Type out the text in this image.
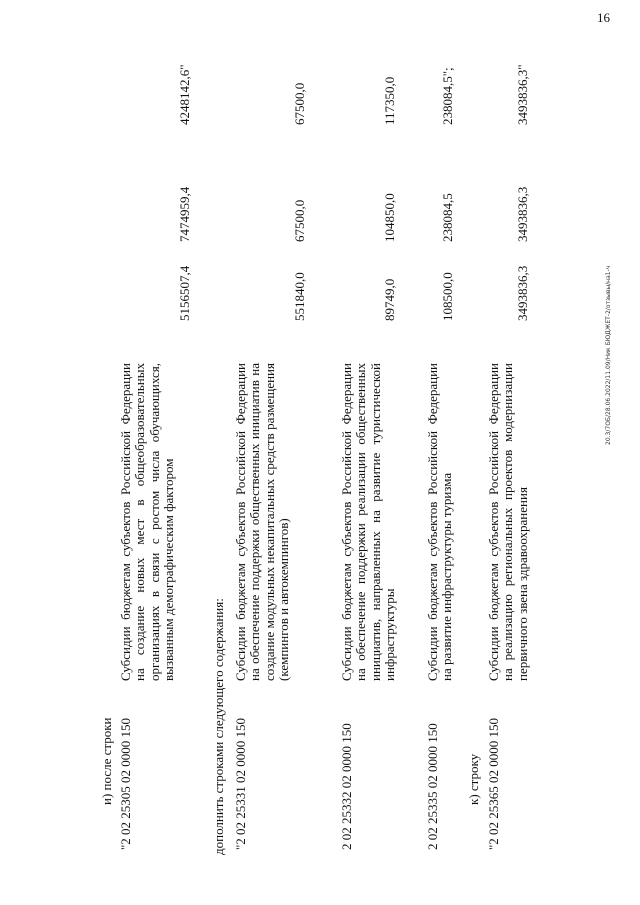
16
и) после строки "2 02 25305 02 0000 150
Субсидии бюджетам субъектов Российской Федерации на создание новых мест в общеобразовательных организациях в связи с ростом числа обучающихся, вызванным демографическим фактором
5156507,4
7474959,4
4248142,6"
дополнить строками следующего содержания: "2 02 25331 02 0000 150
Субсидии бюджетам субъектов Российской Федерации на обеспечение поддержки общественных инициатив на создание модульных некапитальных средств размещения (кемпингов и автокемпингов)
551840,0
67500,0
67500,0
2 02 25332 02 0000 150
Субсидии бюджетам субъектов Российской Федерации на обеспечение поддержки реализации общественных инициатив, направленных на развитие туристической инфраструктуры
89749,0
104850,0
117350,0
2 02 25335 02 0000 150
Субсидии бюджетам субъектов Российской Федерации на развитие инфраструктуры туризма
108500,0
238084,5
238084,5";
к) строку "2 02 25365 02 0000 150
Субсидии бюджетам субъектов Российской Федерации на реализацию региональных проектов модернизации первичного звена здравоохранения
3493836,3
3493836,3
3493836,3"
20.3/7ОБ/28.06.2022/11.09/Ник БЮДЖЕТ-2/отзывы/на1-ч
